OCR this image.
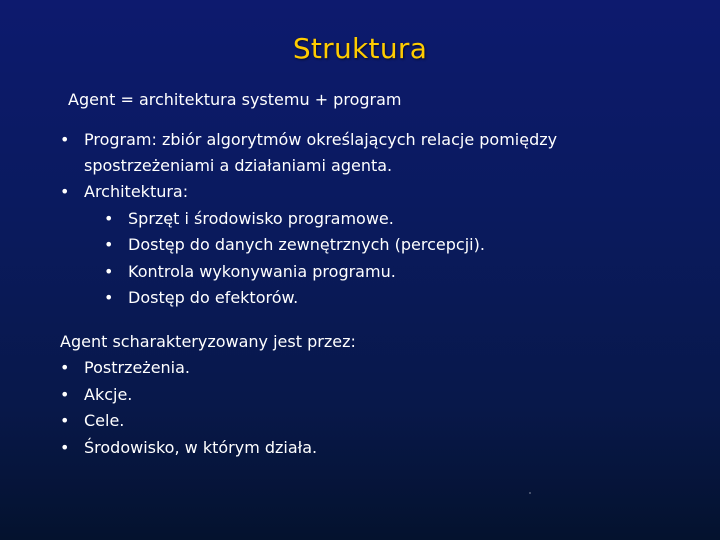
Struktura
Agent = architektura systemu + program
• Program: zbiór algorytmów określających relacje pomiędzy spostrzeżeniami a działaniami agenta.
• Architektura:
• Sprzęt i środowisko programowe.
• Dostęp do danych zewnętrznych (percepcji).
• Kontrola wykonywania programu.
• Dostęp do efektorów.
Agent scharakteryzowany jest przez:
• Postrzeżenia.
• Akcje.
• Cele.
• Środowisko, w którym działa.
